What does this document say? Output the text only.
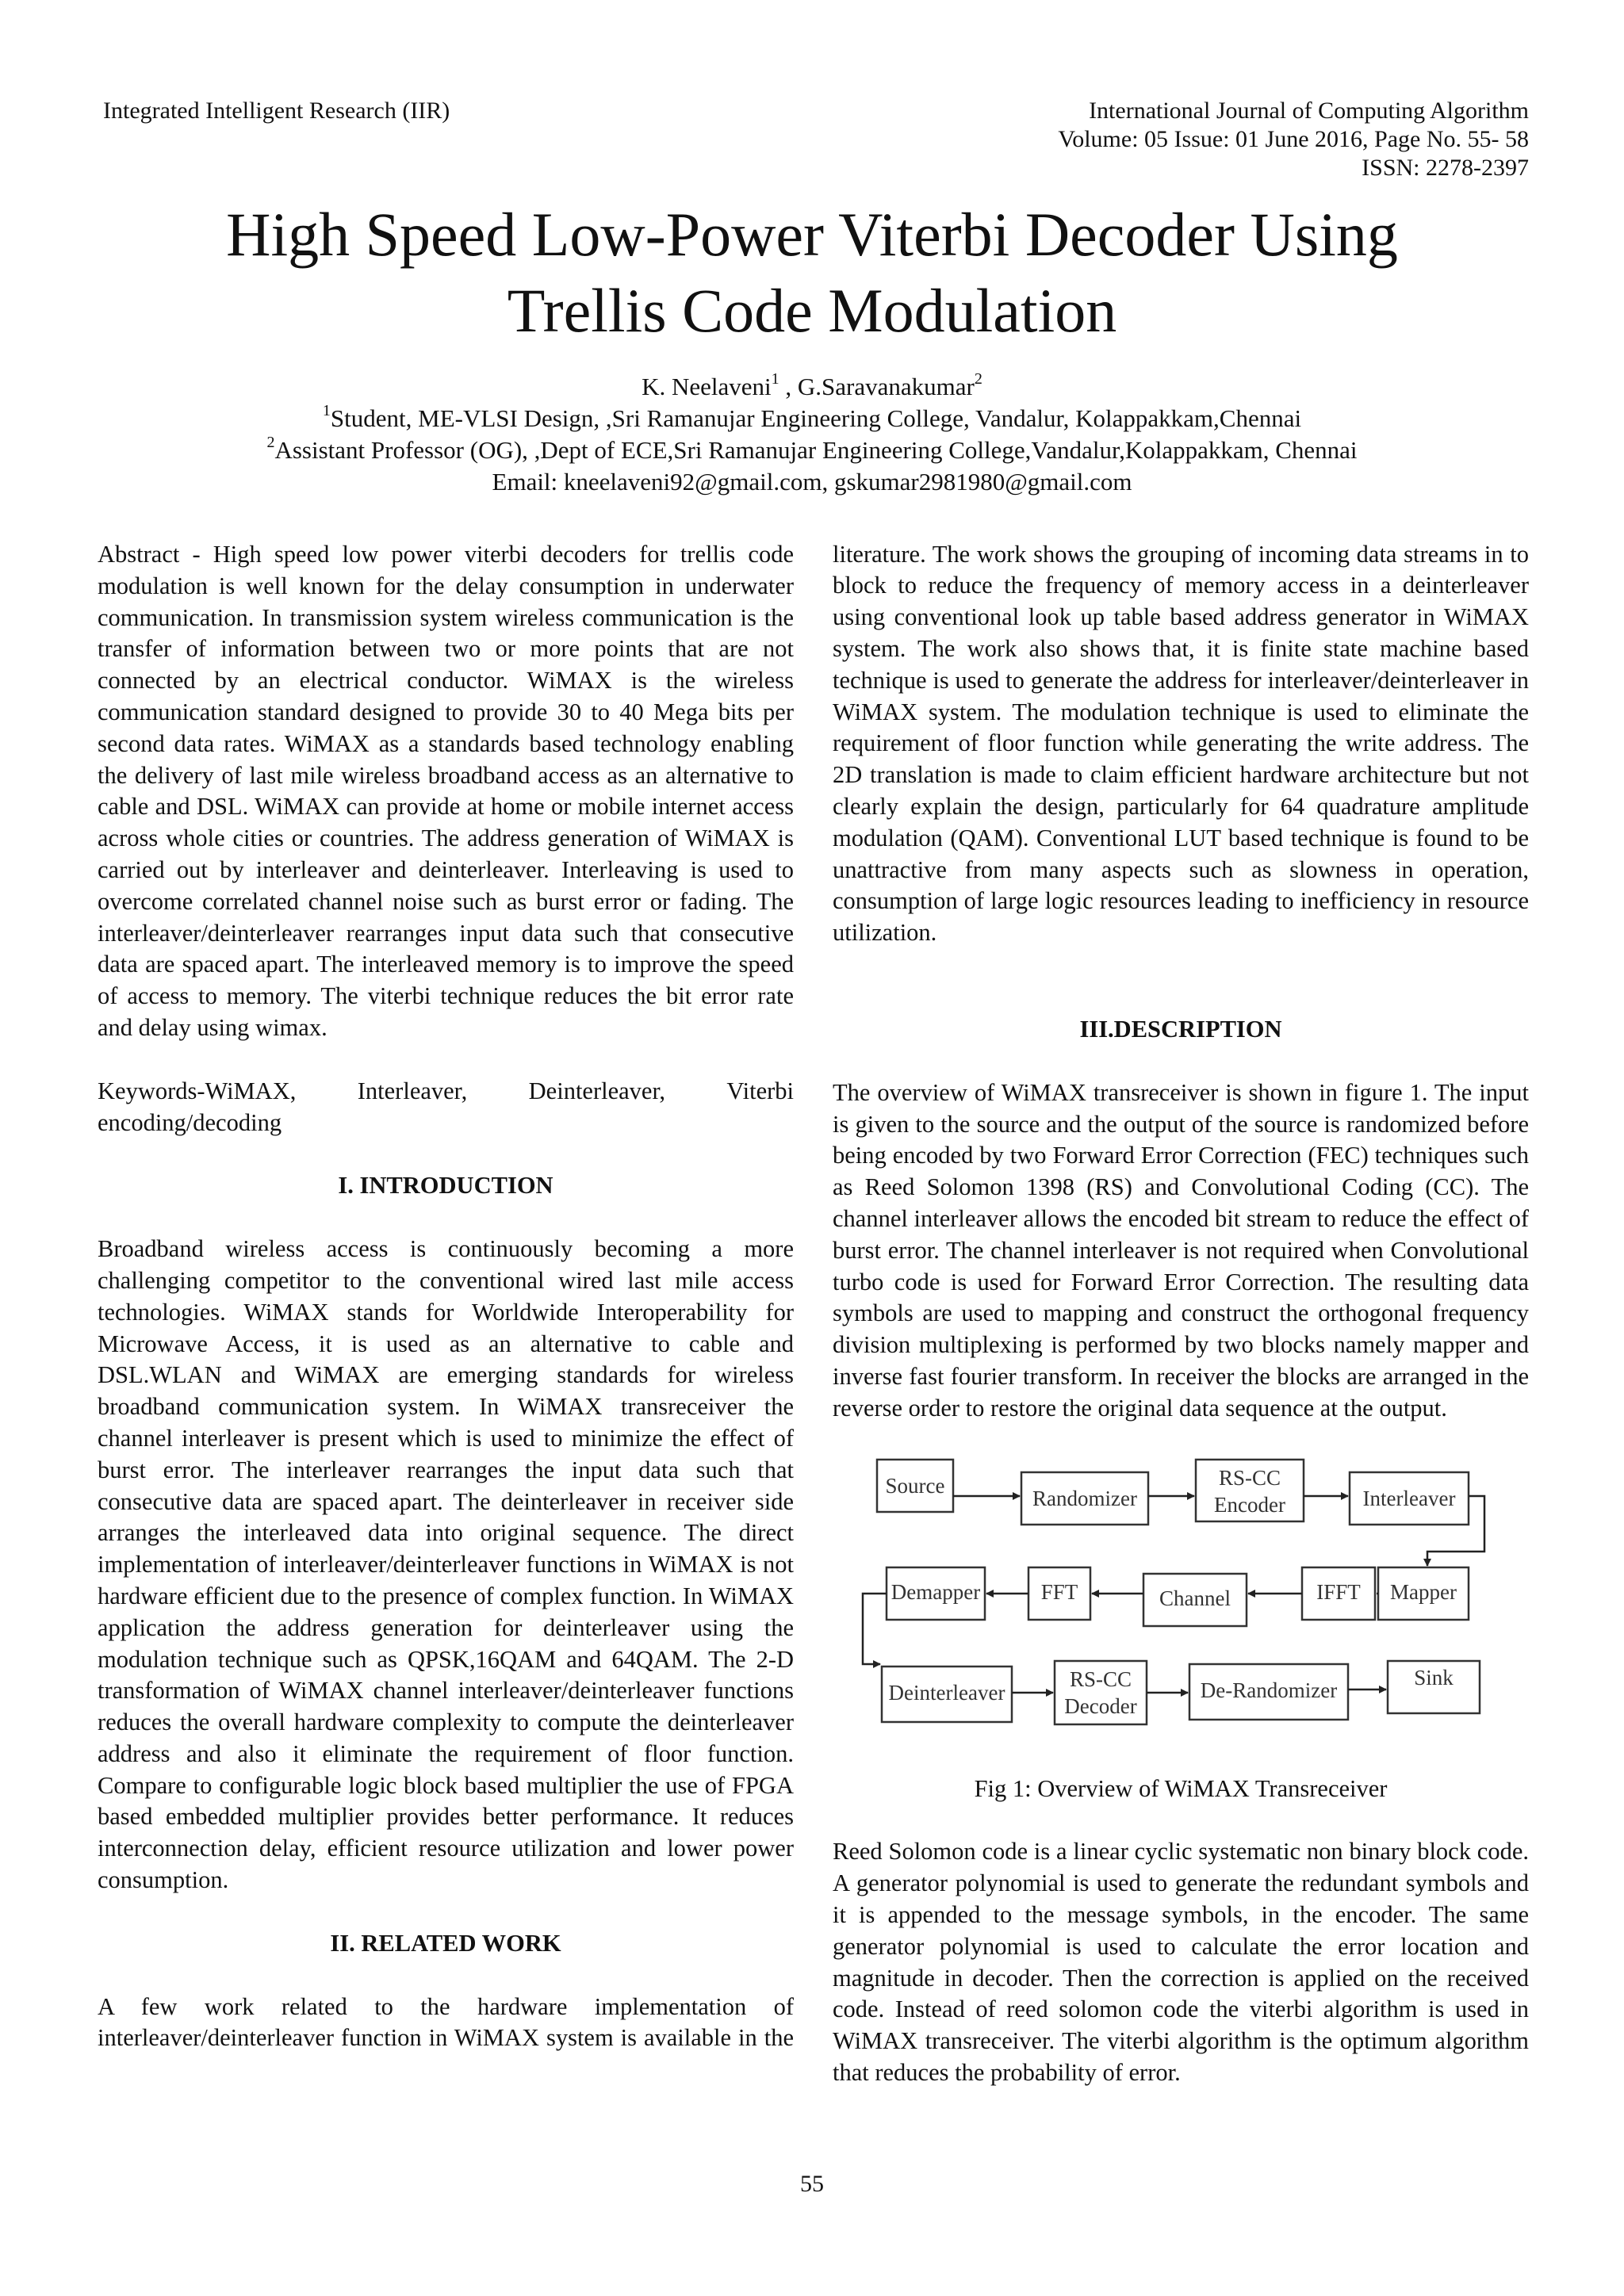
Integrated Intelligent Research (IIR)	International Journal of Computing Algorithm
Volume: 05 Issue: 01 June 2016, Page No. 55- 58
ISSN: 2278-2397
High Speed Low-Power Viterbi Decoder Using
Trellis Code Modulation
K. Neelaveni$^1$ , G.Saravanakumar$^2$
$^1$Student, ME-VLSI Design, ,Sri Ramanujar Engineering College, Vandalur, Kolappakkam,Chennai
$^2$Assistant Professor (OG), ,Dept of ECE,Sri Ramanujar Engineering College,Vandalur,Kolappakkam, Chennai
Email: kneelaveni92@gmail.com, gskumar2981980@gmail.com

Abstract - High speed low power viterbi decoders for trellis code modulation is well known for the delay consumption in underwater communication. In transmission system wireless communication is the transfer of information between two or more points that are not connected by an electrical conductor. WiMAX is the wireless communication standard designed to provide 30 to 40 Mega bits per second data rates. WiMAX as a standards based technology enabling the delivery of last mile wireless broadband access as an alternative to cable and DSL. WiMAX can provide at home or mobile internet access across whole cities or countries. The address generation of WiMAX is carried out by interleaver and deinterleaver. Interleaving is used to overcome correlated channel noise such as burst error or fading. The interleaver/deinterleaver rearranges input data such that consecutive data are spaced apart. The interleaved memory is to improve the speed of access to memory. The viterbi technique reduces the bit error rate and delay using wimax.

Keywords-WiMAX,	Interleaver,	Deinterleaver,	Viterbi
encoding/decoding
I. INTRODUCTION

Broadband wireless access is continuously becoming a more challenging competitor to the conventional wired last mile access technologies. WiMAX stands for Worldwide Interoperability for Microwave Access, it is used as an alternative to cable and DSL.WLAN and WiMAX are emerging standards for wireless broadband communication system. In WiMAX transreceiver the channel interleaver is present which is used to minimize the effect of burst error. The interleaver rearranges the input data such that consecutive data are spaced apart. The deinterleaver in receiver side arranges the interleaved data into original sequence. The direct implementation of interleaver/deinterleaver functions in WiMAX is not hardware efficient due to the presence of complex function. In WiMAX application the address generation for deinterleaver using the modulation technique such as QPSK,16QAM and 64QAM. The 2-D transformation of WiMAX channel interleaver/deinterleaver functions reduces the overall hardware complexity to compute the deinterleaver address and also it eliminate the requirement of floor function. Compare to configurable logic block based multiplier the use of FPGA based embedded multiplier provides better performance. It reduces interconnection delay, efficient resource utilization and lower power consumption.

II. RELATED WORK

A few work related to the hardware implementation of interleaver/deinterleaver function in WiMAX system is available in the

literature. The work shows the grouping of incoming data streams in to block to reduce the frequency of memory access in a deinterleaver using conventional look up table based address generator in WiMAX system. The work also shows that, it is finite state machine based technique is used to generate the address for interleaver/deinterleaver in WiMAX system. The modulation technique is used to eliminate the requirement of floor function while generating the write address. The 2D translation is made to claim efficient hardware architecture but not clearly explain the design, particularly for 64 quadrature amplitude modulation (QAM). Conventional LUT based technique is found to be unattractive from many aspects such as slowness in operation, consumption of large logic resources leading to inefficiency in resource utilization.

III.DESCRIPTION

The overview of WiMAX transreceiver is shown in figure 1. The input is given to the source and the output of the source is randomized before being encoded by two Forward Error Correction (FEC) techniques such as Reed Solomon 1398 (RS) and Convolutional Coding (CC). The channel interleaver allows the encoded bit stream to reduce the effect of burst error. The channel interleaver is not required when Convolutional turbo code is used for Forward Error Correction. The resulting data symbols are used to mapping and construct the orthogonal frequency division multiplexing is performed by two blocks namely mapper and inverse fast fourier transform. In receiver the blocks are arranged in the reverse order to restore the original data sequence at the output.

Source
Randomizer
RS-CC
Encoder	Interleaver
Demapper	FFT	Channel	IFFT Mapper
Deinterleaver
RS-CC
Decoder
De-Randomizer
Sink
Fig 1: Overview of WiMAX Transreceiver

Reed Solomon code is a linear cyclic systematic non binary block code. A generator polynomial is used to generate the redundant symbols and it is appended to the message symbols, in the encoder. The same generator polynomial is used to calculate the error location and magnitude in decoder. Then the correction is applied on the received code. Instead of reed solomon code the viterbi algorithm is used in WiMAX transreceiver. The viterbi algorithm is the optimum algorithm that reduces the probability of error.

55
